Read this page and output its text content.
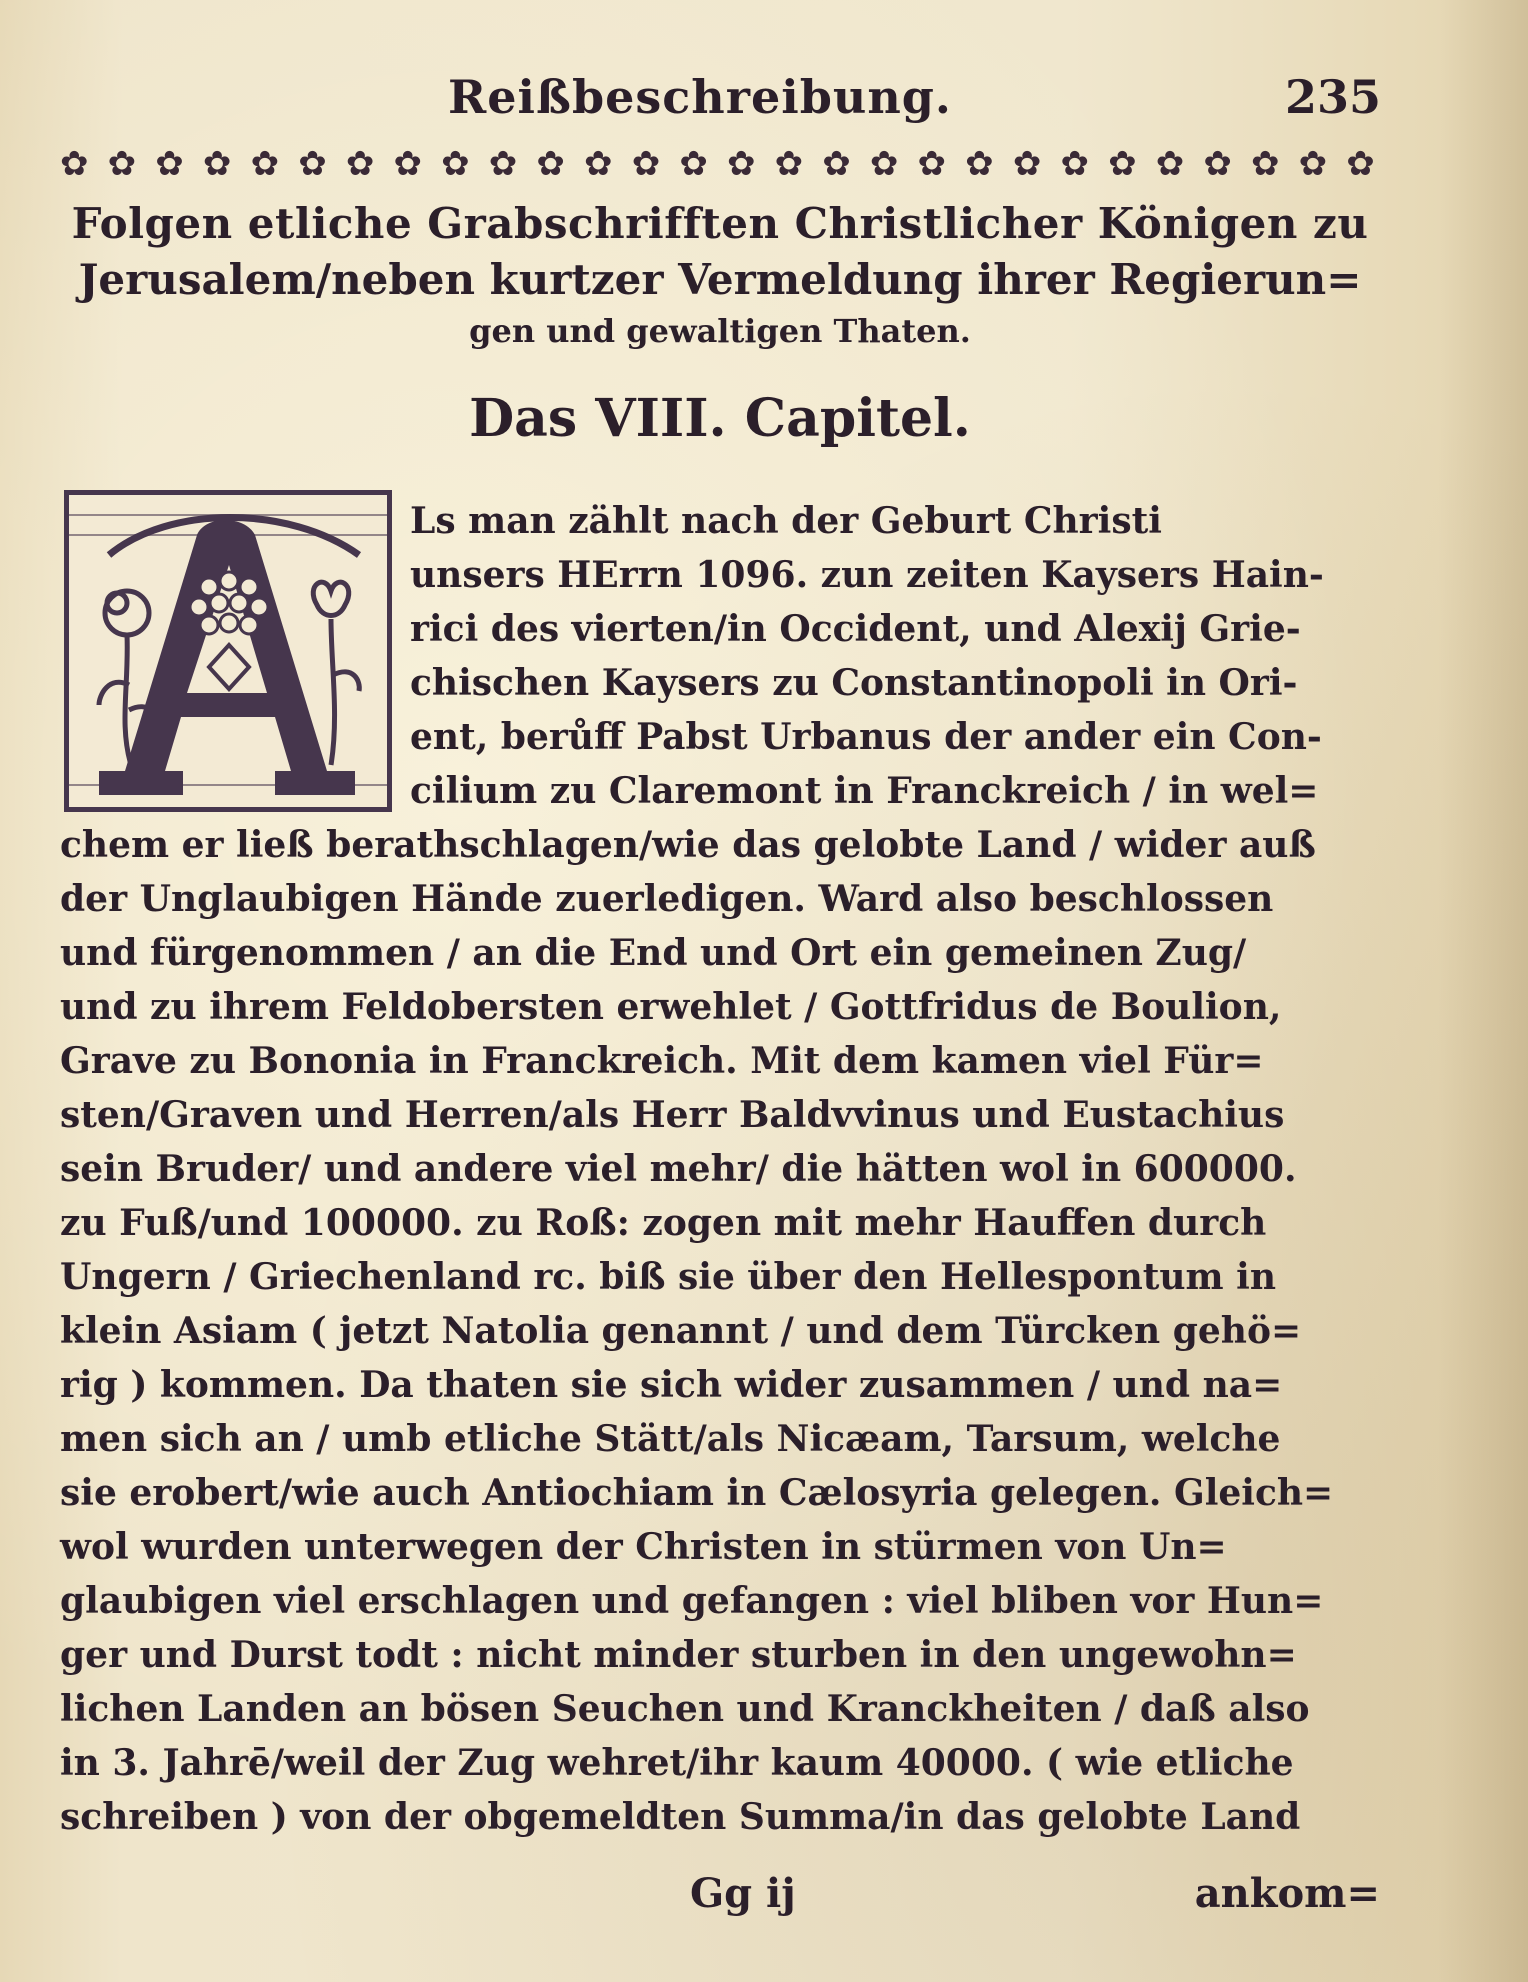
Reißbeschreibung.	235
✿ ✿ ✿ ✿ ✿ ✿ ✿ ✿ ✿ ✿ ✿ ✿ ✿ ✿ ✿ ✿ ✿ ✿ ✿ ✿ ✿ ✿ ✿ ✿ ✿ ✿ ✿ ✿
Folgen etliche Grabschrifften Christlicher Königen zu
Jerusalem/neben kurtzer Vermeldung ihrer Regierun=
gen und gewaltigen Thaten.
Das VIII. Capitel.
Ls man zählt nach der Geburt Christi
unsers HErrn 1096. zun zeiten Kaysers Hain-
rici des vierten/in Occident, und Alexij Grie-
chischen Kaysers zu Constantinopoli in Ori-
ent, berůff Pabst Urbanus der ander ein Con-
cilium zu Claremont in Franckreich / in wel=
chem er ließ berathschlagen/wie das gelobte Land / wider auß
der Unglaubigen Hände zuerledigen. Ward also beschlossen
und fürgenommen / an die End und Ort ein gemeinen Zug/
und zu ihrem Feldobersten erwehlet / Gottfridus de Boulion,
Grave zu Bononia in Franckreich. Mit dem kamen viel Für=
sten/Graven und Herren/als Herr Baldvvinus und Eustachius
sein Bruder/ und andere viel mehr/ die hätten wol in 600000.
zu Fuß/und 100000. zu Roß: zogen mit mehr Hauffen durch
Ungern / Griechenland rc. biß sie über den Hellespontum in
klein Asiam ( jetzt Natolia genannt / und dem Türcken gehö=
rig ) kommen. Da thaten sie sich wider zusammen / und na=
men sich an / umb etliche Stätt/als Nicæam, Tarsum, welche
sie erobert/wie auch Antiochiam in Cælosyria gelegen. Gleich=
wol wurden unterwegen der Christen in stürmen von Un=
glaubigen viel erschlagen und gefangen : viel bliben vor Hun=
ger und Durst todt : nicht minder sturben in den ungewohn=
lichen Landen an bösen Seuchen und Kranckheiten / daß also
in 3. Jahrē/weil der Zug wehret/ihr kaum 40000. ( wie etliche
schreiben ) von der obgemeldten Summa/in das gelobte Land
Gg ij	ankom=
